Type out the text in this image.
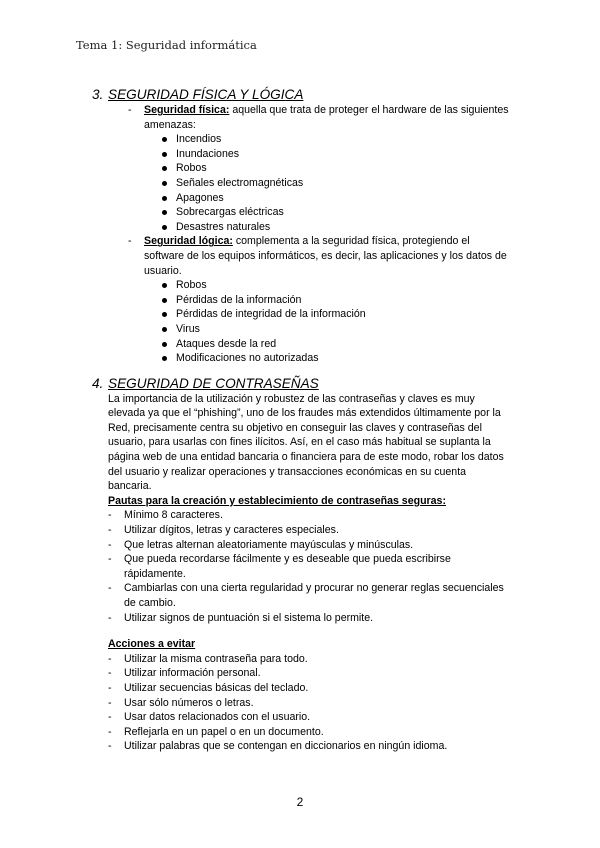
Tema 1: Seguridad informática
3. SEGURIDAD FÍSICA Y LÓGICA
-	Seguridad física: aquella que trata de proteger el hardware de las siguientes amenazas:
Incendios
Inundaciones
Robos
Señales electromagnéticas
Apagones
Sobrecargas eléctricas
Desastres naturales
-	Seguridad lógica: complementa a la seguridad física, protegiendo el software de los equipos informáticos, es decir, las aplicaciones y los datos de usuario.
Robos
Pérdidas de la información
Pérdidas de integridad de la información
Virus
Ataques desde la red
Modificaciones no autorizadas
4. SEGURIDAD DE CONTRASEÑAS
La importancia de la utilización y robustez de las contraseñas y claves es muy elevada ya que el “phishing”, uno de los fraudes más extendidos últimamente por la Red, precisamente centra su objetivo en conseguir las claves y contraseñas del usuario, para usarlas con fines ilícitos. Así, en el caso más habitual se suplanta la página web de una entidad bancaria o financiera para de este modo, robar los datos del usuario y realizar operaciones y transacciones económicas en su cuenta bancaria.
Pautas para la creación y establecimiento de contraseñas seguras:
-	Mínimo 8 caracteres.
-	Utilizar dígitos, letras y caracteres especiales.
-	Que letras alternan aleatoriamente mayúsculas y minúsculas.
-	Que pueda recordarse fácilmente y es deseable que pueda escribirse rápidamente.
-	Cambiarlas con una cierta regularidad y procurar no generar reglas secuenciales de cambio.
-	Utilizar signos de puntuación si el sistema lo permite.
Acciones a evitar
-	Utilizar la misma contraseña para todo.
-	Utilizar información personal.
-	Utilizar secuencias básicas del teclado.
-	Usar sólo números o letras.
-	Usar datos relacionados con el usuario.
-	Reflejarla en un papel o en un documento.
-	Utilizar palabras que se contengan en diccionarios en ningún idioma.
2
